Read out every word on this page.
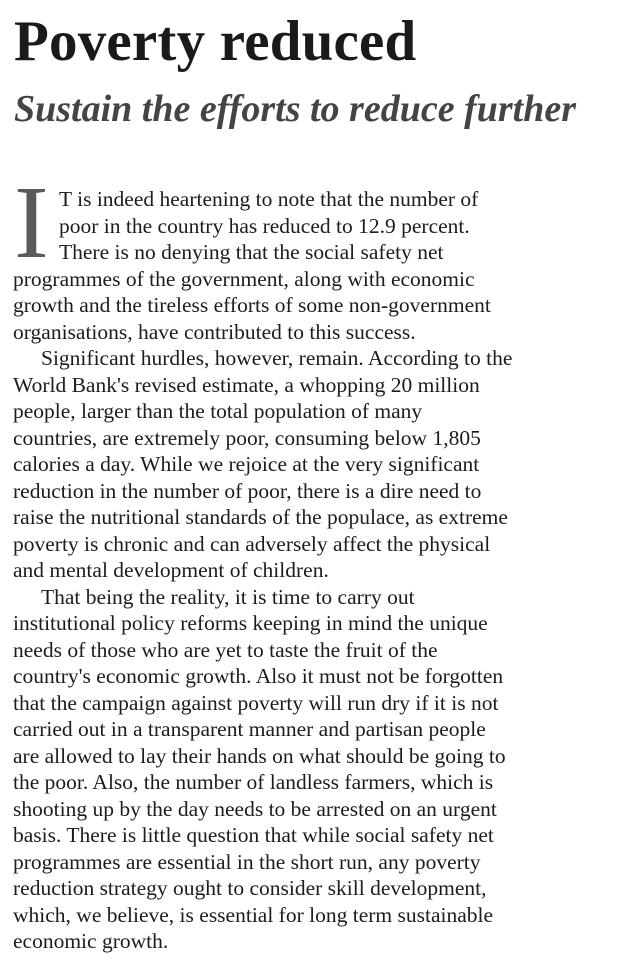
Poverty reduced
Sustain the efforts to reduce further
I T is indeed heartening to note that the number of
poor in the country has reduced to 12.9 percent.
There is no denying that the social safety net
programmes of the government, along with economic
growth and the tireless efforts of some non-government
organisations, have contributed to this success.
Significant hurdles, however, remain. According to the
World Bank's revised estimate, a whopping 20 million
people, larger than the total population of many
countries, are extremely poor, consuming below 1,805
calories a day. While we rejoice at the very significant
reduction in the number of poor, there is a dire need to
raise the nutritional standards of the populace, as extreme
poverty is chronic and can adversely affect the physical
and mental development of children.
That being the reality, it is time to carry out
institutional policy reforms keeping in mind the unique
needs of those who are yet to taste the fruit of the
country's economic growth. Also it must not be forgotten
that the campaign against poverty will run dry if it is not
carried out in a transparent manner and partisan people
are allowed to lay their hands on what should be going to
the poor. Also, the number of landless farmers, which is
shooting up by the day needs to be arrested on an urgent
basis. There is little question that while social safety net
programmes are essential in the short run, any poverty
reduction strategy ought to consider skill development,
which, we believe, is essential for long term sustainable
economic growth.
